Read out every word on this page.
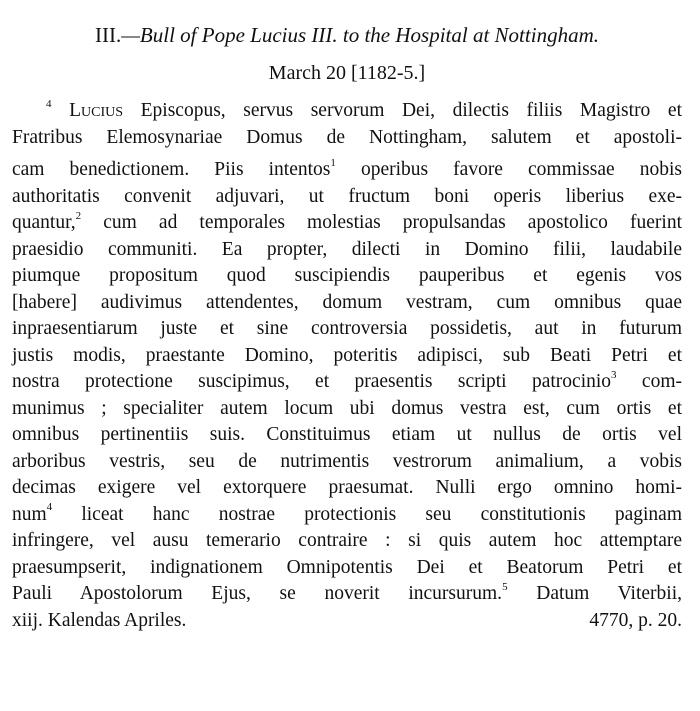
III.—Bull of Pope Lucius III. to the Hospital at Nottingham.
March 20 [1182-5.]
$^4$ Lucius Episcopus, servus servorum Dei, dilectis filiis Magistro et
Fratribus Elemosynariae Domus de Nottingham, salutem et apostoli-
cam benedictionem. Piis intentos$^1$ operibus favore commissae nobis
authoritatis convenit adjuvari, ut fructum boni operis liberius exe-
quantur,$^2$ cum ad temporales molestias propulsandas apostolico fuerint
praesidio communiti. Ea propter, dilecti in Domino filii, laudabile
piumque propositum quod suscipiendis pauperibus et egenis vos
[habere] audivimus attendentes, domum vestram, cum omnibus quae
inpraesentiarum juste et sine controversia possidetis, aut in futurum
justis modis, praestante Domino, poteritis adipisci, sub Beati Petri et
nostra protectione suscipimus, et praesentis scripti patrocinio$^3$ com-
munimus ; specialiter autem locum ubi domus vestra est, cum ortis et
omnibus pertinentiis suis. Constituimus etiam ut nullus de ortis vel
arboribus vestris, seu de nutrimentis vestrorum animalium, a vobis
decimas exigere vel extorquere praesumat. Nulli ergo omnino homi-
num$^4$ liceat hanc nostrae protectionis seu constitutionis paginam
infringere, vel ausu temerario contraire : si quis autem hoc attemptare
praesumpserit, indignationem Omnipotentis Dei et Beatorum Petri et
Pauli Apostolorum Ejus, se noverit incursurum.$^5$ Datum Viterbii,
xiij. Kalendas Apriles.	4770, p. 20.
